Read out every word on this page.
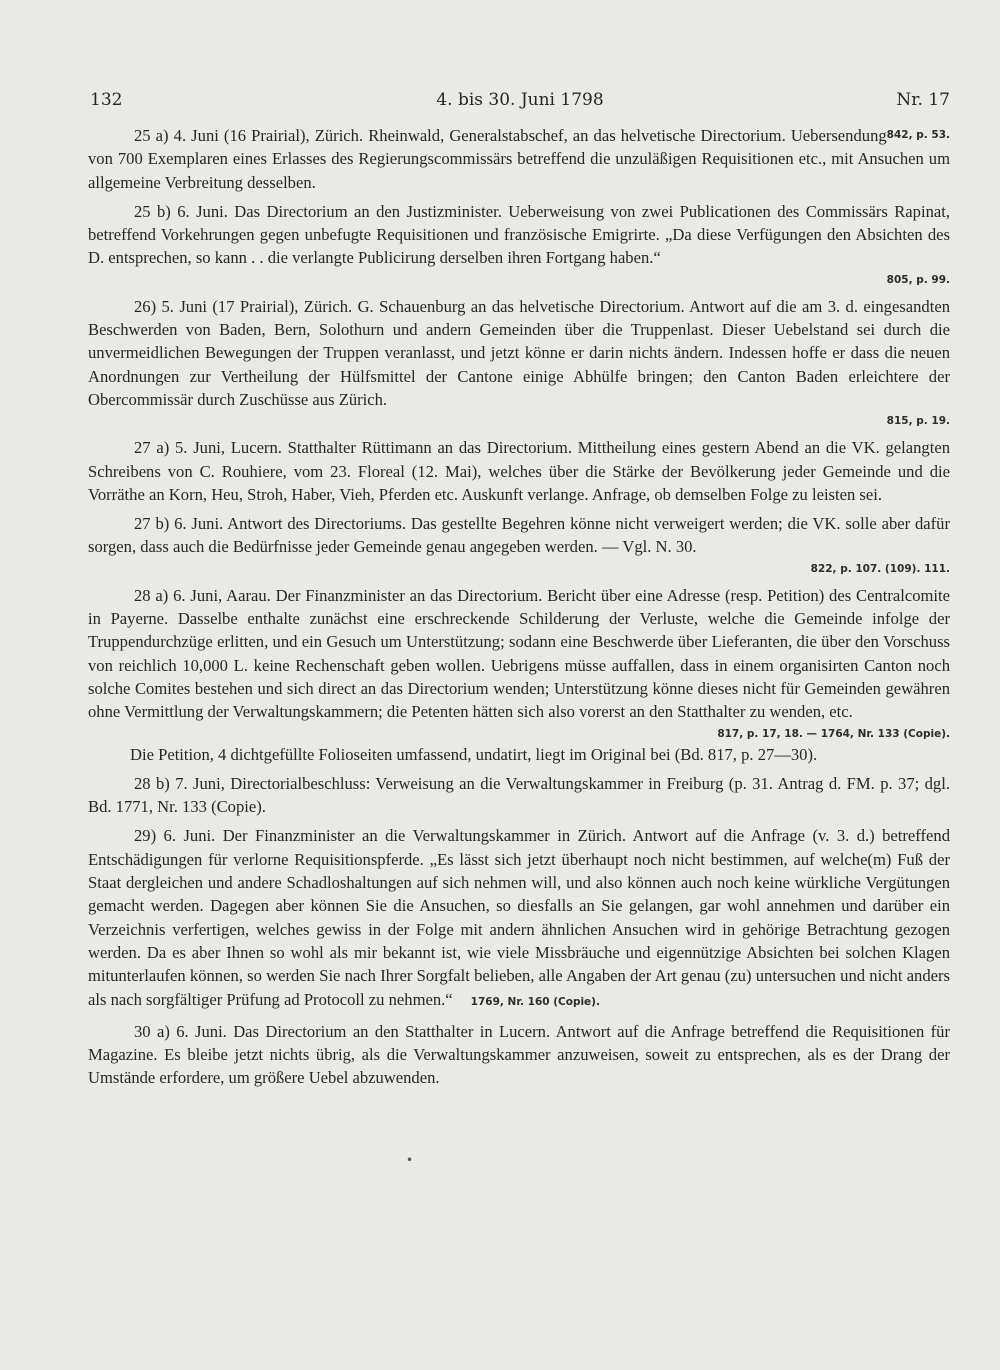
132	4. bis 30. Juni 1798	Nr. 17

842, p. 53.
25 a) 4. Juni (16 Prairial), Zürich. Rheinwald, Generalstabschef, an das helvetische Directorium. Uebersendung von 700 Exemplaren eines Erlasses des Regierungscommissärs betreffend die unzuläßigen Requisitionen etc., mit Ansuchen um allgemeine Verbreitung desselben.

25 b) 6. Juni. Das Directorium an den Justizminister. Ueberweisung von zwei Publicationen des Commissärs Rapinat, betreffend Vorkehrungen gegen unbefugte Requisitionen und französische Emigrirte. „Da diese Verfügungen den Absichten des D. entsprechen, so kann . . die verlangte Publicirung derselben ihren Fortgang haben.“

805, p. 99.

26) 5. Juni (17 Prairial), Zürich. G. Schauenburg an das helvetische Directorium. Antwort auf die am 3. d. eingesandten Beschwerden von Baden, Bern, Solothurn und andern Gemeinden über die Truppenlast. Dieser Uebelstand sei durch die unvermeidlichen Bewegungen der Truppen veranlasst, und jetzt könne er darin nichts ändern. Indessen hoffe er dass die neuen Anordnungen zur Vertheilung der Hülfsmittel der Cantone einige Abhülfe bringen; den Canton Baden erleichtere der Obercommissär durch Zuschüsse aus Zürich.

815, p. 19.

27 a) 5. Juni, Lucern. Statthalter Rüttimann an das Directorium. Mittheilung eines gestern Abend an die VK. gelangten Schreibens von C. Rouhiere, vom 23. Floreal (12. Mai), welches über die Stärke der Bevölkerung jeder Gemeinde und die Vorräthe an Korn, Heu, Stroh, Haber, Vieh, Pferden etc. Auskunft verlange. Anfrage, ob demselben Folge zu leisten sei.

27 b) 6. Juni. Antwort des Directoriums. Das gestellte Begehren könne nicht verweigert werden; die VK. solle aber dafür sorgen, dass auch die Bedürfnisse jeder Gemeinde genau angegeben werden. — Vgl. N. 30.

822, p. 107. (109). 111.

28 a) 6. Juni, Aarau. Der Finanzminister an das Directorium. Bericht über eine Adresse (resp. Petition) des Centralcomite in Payerne. Dasselbe enthalte zunächst eine erschreckende Schilderung der Verluste, welche die Gemeinde infolge der Truppendurchzüge erlitten, und ein Gesuch um Unterstützung; sodann eine Beschwerde über Lieferanten, die über den Vorschuss von reichlich 10,000 L. keine Rechenschaft geben wollen. Uebrigens müsse auffallen, dass in einem organisirten Canton noch solche Comites bestehen und sich direct an das Directorium wenden; Unterstützung könne dieses nicht für Gemeinden gewähren ohne Vermittlung der Verwaltungskammern; die Petenten hätten sich also vorerst an den Statthalter zu wenden, etc.

817, p. 17, 18. — 1764, Nr. 133 (Copie).

Die Petition, 4 dichtgefüllte Folioseiten umfassend, undatirt, liegt im Original bei (Bd. 817, p. 27—30).

28 b) 7. Juni, Directorialbeschluss: Verweisung an die Verwaltungskammer in Freiburg (p. 31. Antrag d. FM. p. 37; dgl. Bd. 1771, Nr. 133 (Copie).

29) 6. Juni. Der Finanzminister an die Verwaltungskammer in Zürich. Antwort auf die Anfrage (v. 3. d.) betreffend Entschädigungen für verlorne Requisitionspferde. „Es lässt sich jetzt überhaupt noch nicht bestimmen, auf welche(m) Fuß der Staat dergleichen und andere Schadloshaltungen auf sich nehmen will, und also können auch noch keine würkliche Vergütungen gemacht werden. Dagegen aber können Sie die Ansuchen, so diesfalls an Sie gelangen, gar wohl annehmen und darüber ein Verzeichnis verfertigen, welches gewiss in der Folge mit andern ähnlichen Ansuchen wird in gehörige Betrachtung gezogen werden. Da es aber Ihnen so wohl als mir bekannt ist, wie viele Missbräuche und eigennützige Absichten bei solchen Klagen mitunterlaufen können, so werden Sie nach Ihrer Sorgfalt belieben, alle Angaben der Art genau (zu) untersuchen und nicht anders als nach sorgfältiger Prüfung ad Protocoll zu nehmen.“ 1769, Nr. 160 (Copie).

30 a) 6. Juni. Das Directorium an den Statthalter in Lucern. Antwort auf die Anfrage betreffend die Requisitionen für Magazine. Es bleibe jetzt nichts übrig, als die Verwaltungskammer anzuweisen, soweit zu entsprechen, als es der Drang der Umstände erfordere, um größere Uebel abzuwenden.

•
